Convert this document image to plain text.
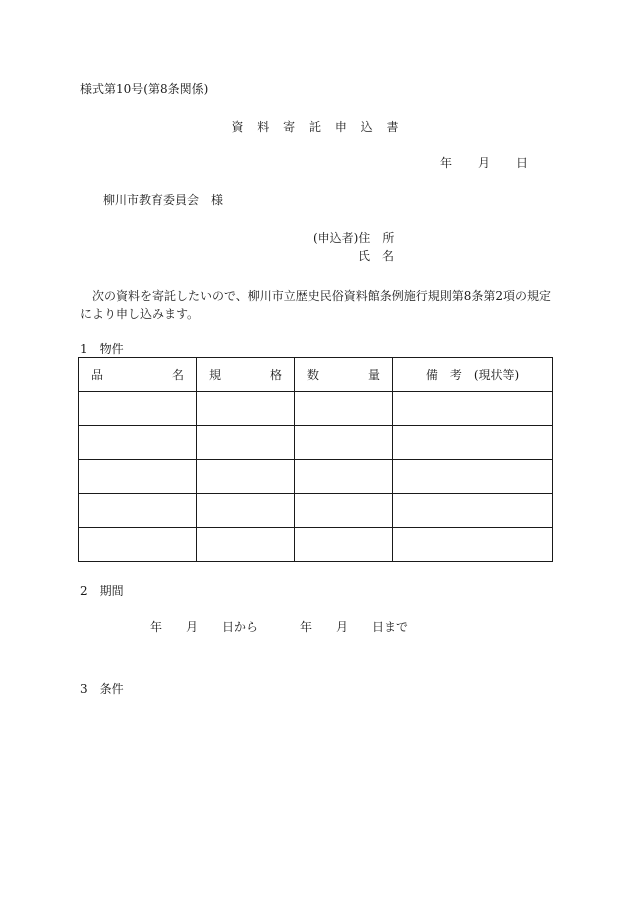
様式第10号(第8条関係)
資 料 寄 託 申 込 書
年 月 日
柳川市教育委員会　様
(申込者)住　所
氏　名
次の資料を寄託したいので、柳川市立歴史民俗資料館条例施行規則第8条第2項の規定により申し込みます。
1　物件
品 名	規 格	数 量	備　考　(現状等)

2　期間
年 月 日から	年 月 日まで
3　条件
